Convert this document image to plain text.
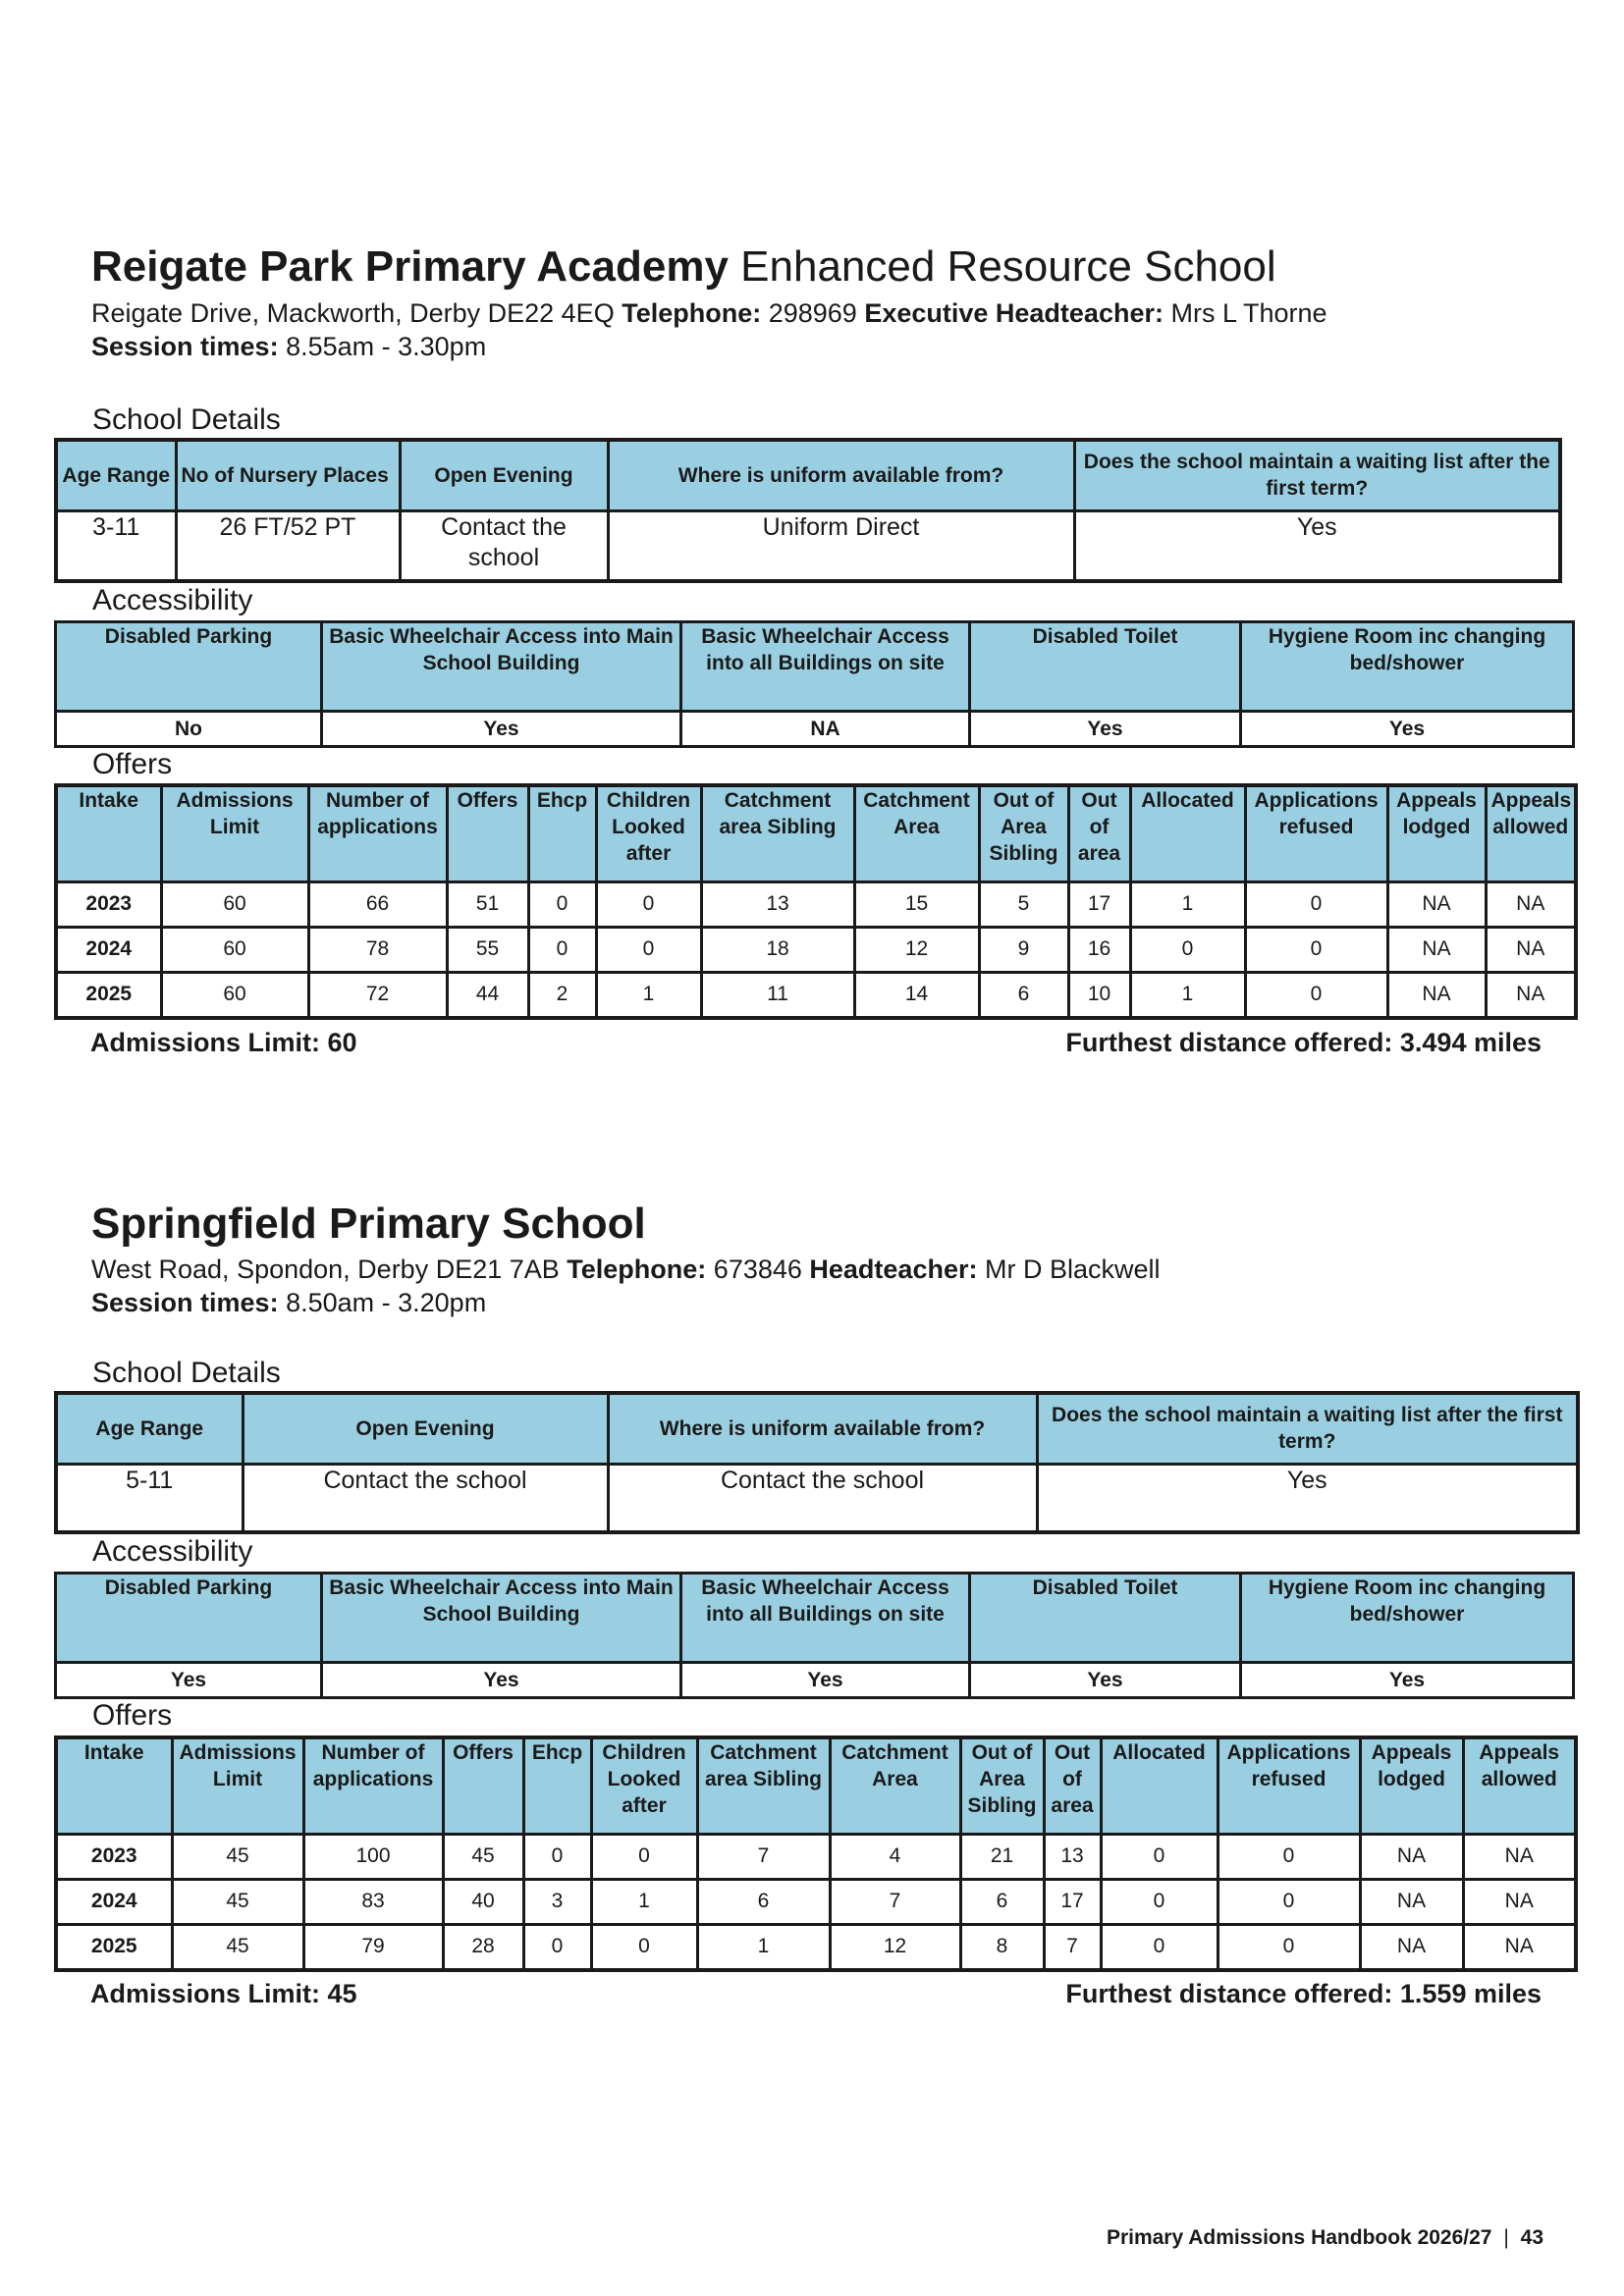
Reigate Park Primary Academy Enhanced Resource School
Reigate Drive, Mackworth, Derby DE22 4EQ Telephone: 298969 Executive Headteacher: Mrs L Thorne
Session times: 8.55am - 3.30pm
School Details
Age Range	No of Nursery Places	Open Evening	Where is uniform available from?	Does the school maintain a waiting list after the first term?
3-11	26 FT/52 PT	Contact the school	Uniform Direct	Yes
Accessibility
Disabled Parking	Basic Wheelchair Access into Main School Building	Basic Wheelchair Access into all Buildings on site	Disabled Toilet	Hygiene Room inc changing bed/shower
No	Yes	NA	Yes	Yes
Offers
Intake	Admissions Limit	Number of applications	Offers	Ehcp	Children Looked after	Catchment area Sibling	Catchment Area	Out of Area Sibling	Out of area	Allocated	Applications refused	Appeals lodged	Appeals allowed
2023	60	66	51	0	0	13	15	5	17	1	0	NA	NA
2024	60	78	55	0	0	18	12	9	16	0	0	NA	NA
2025	60	72	44	2	1	11	14	6	10	1	0	NA	NA
Admissions Limit: 60	Furthest distance offered: 3.494 miles
Springfield Primary School
West Road, Spondon, Derby DE21 7AB Telephone: 673846 Headteacher: Mr D Blackwell
Session times: 8.50am - 3.20pm
School Details
Age Range	Open Evening	Where is uniform available from?	Does the school maintain a waiting list after the first term?
5-11	Contact the school	Contact the school	Yes
Accessibility
Disabled Parking	Basic Wheelchair Access into Main School Building	Basic Wheelchair Access into all Buildings on site	Disabled Toilet	Hygiene Room inc changing bed/shower
Yes	Yes	Yes	Yes	Yes
Offers
Intake	Admissions Limit	Number of applications	Offers	Ehcp	Children Looked after	Catchment area Sibling	Catchment Area	Out of Area Sibling	Out of area	Allocated	Applications refused	Appeals lodged	Appeals allowed
2023	45	100	45	0	0	7	4	21	13	0	0	NA	NA
2024	45	83	40	3	1	6	7	6	17	0	0	NA	NA
2025	45	79	28	0	0	1	12	8	7	0	0	NA	NA
Admissions Limit: 45	Furthest distance offered: 1.559 miles
Primary Admissions Handbook 2026/27 | 43
